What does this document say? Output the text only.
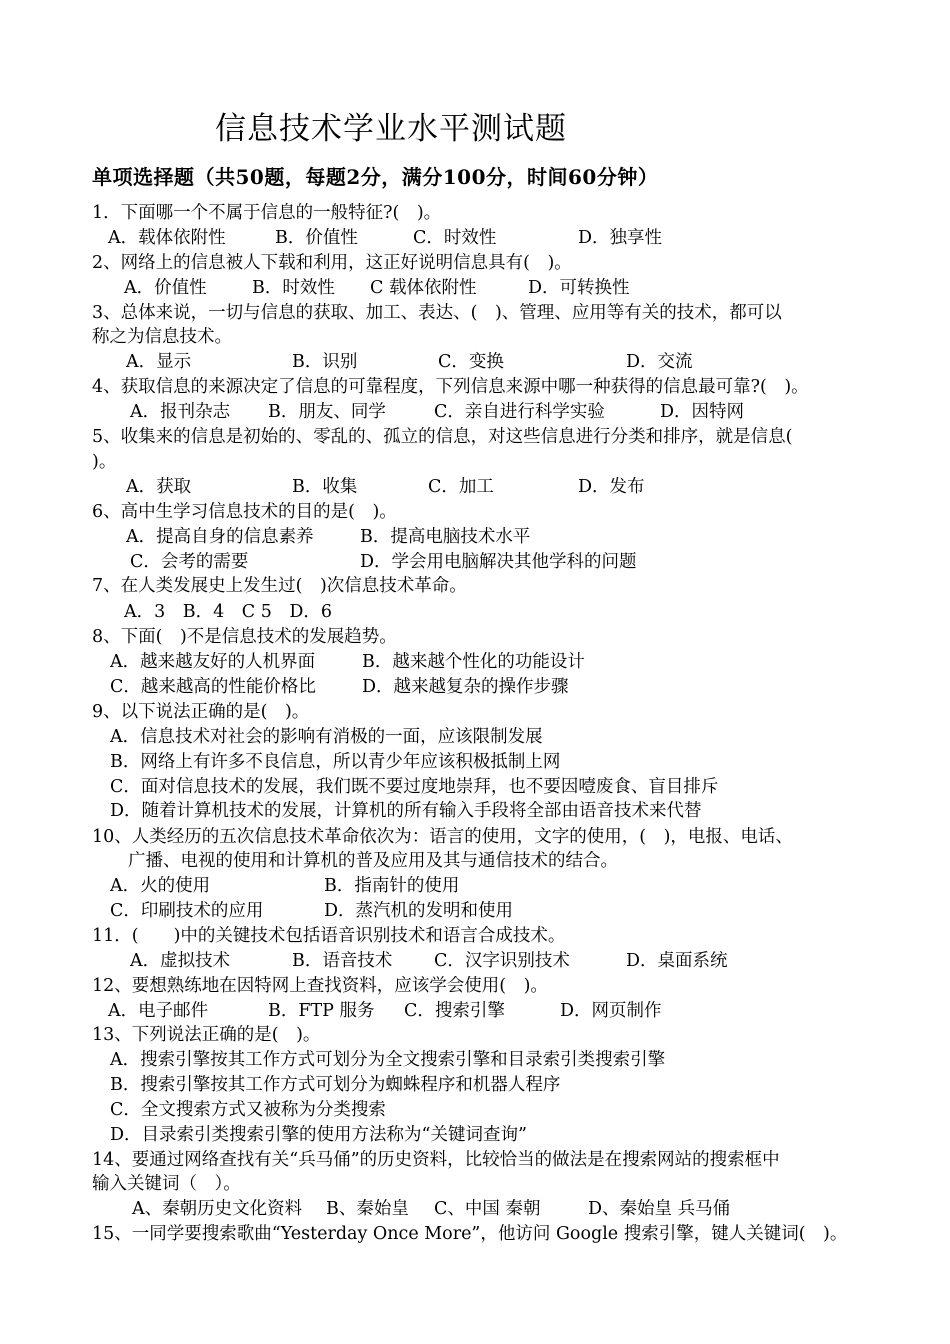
信息技术学业水平测试题
单项选择题（共50题，每题2分，满分100分，时间60分钟）
1．下面哪一个不属于信息的一般特征?(　)。
A．载体依附性	B．价值性	C．时效性	D．独享性
2、网络上的信息被人下载和利用，这正好说明信息具有(　)。
A．价值性	B．时效性 C 载体依附性	D．可转换性
3、总体来说，一切与信息的获取、加工、表达、(　)、管理、应用等有关的技术，都可以
称之为信息技术。
A．显示	B．识别	C．变换	D．交流
4、获取信息的来源决定了信息的可靠程度，下列信息来源中哪一种获得的信息最可靠?(　)。
A．报刊杂志 B．朋友、同学	C．亲自进行科学实验	D．因特网
5、收集来的信息是初始的、零乱的、孤立的信息，对这些信息进行分类和排序，就是信息(
)。
A．获取	B．收集	C．加工	D．发布
6、高中生学习信息技术的目的是(　)。
A．提高自身的信息素养	B．提高电脑技术水平
C．会考的需要	D．学会用电脑解决其他学科的问题
7、在人类发展史上发生过(　)次信息技术革命。
A．3　B．4　C 5　D．6
8、下面(　)不是信息技术的发展趋势。
A．越来越友好的人机界面	B．越来越个性化的功能设计
C．越来越高的性能价格比	D．越来越复杂的操作步骤
9、以下说法正确的是(　)。
A．信息技术对社会的影响有消极的一面，应该限制发展
B．网络上有许多不良信息，所以青少年应该积极抵制上网
C．面对信息技术的发展，我们既不要过度地崇拜，也不要因噎废食、盲目排斥
D．随着计算机技术的发展，计算机的所有输入手段将全部由语音技术来代替
10、人类经历的五次信息技术革命依次为：语言的使用，文字的使用，(　)，电报、电话、
广播、电视的使用和计算机的普及应用及其与通信技术的结合。
A．火的使用	B．指南针的使用
C．印刷技术的应用	D．蒸汽机的发明和使用
11．(　　)中的关键技术包括语音识别技术和语言合成技术。
A．虚拟技术	B．语音技术 C．汉字识别技术	D．桌面系统
12、要想熟练地在因特网上查找资料，应该学会使用(　)。
A．电子邮件	B．FTP 服务 C．搜索引擎	D．网页制作
13、下列说法正确的是(　)。
A．搜索引擎按其工作方式可划分为全文搜索引擎和目录索引类搜索引擎
B．搜索引擎按其工作方式可划分为蜘蛛程序和机器人程序
C．全文搜索方式又被称为分类搜索
D．目录索引类搜索引擎的使用方法称为“关键词查询”
14、要通过网络查找有关“兵马俑”的历史资料，比较恰当的做法是在搜索网站的搜索框中
输入关键词（　）。
A、秦朝历史文化资料 B、秦始皇 C、中国 秦朝	D、秦始皇 兵马俑
15、一同学要搜索歌曲“Yesterday Once More”，他访问 Google 搜索引擎，键人关键词(　)。
